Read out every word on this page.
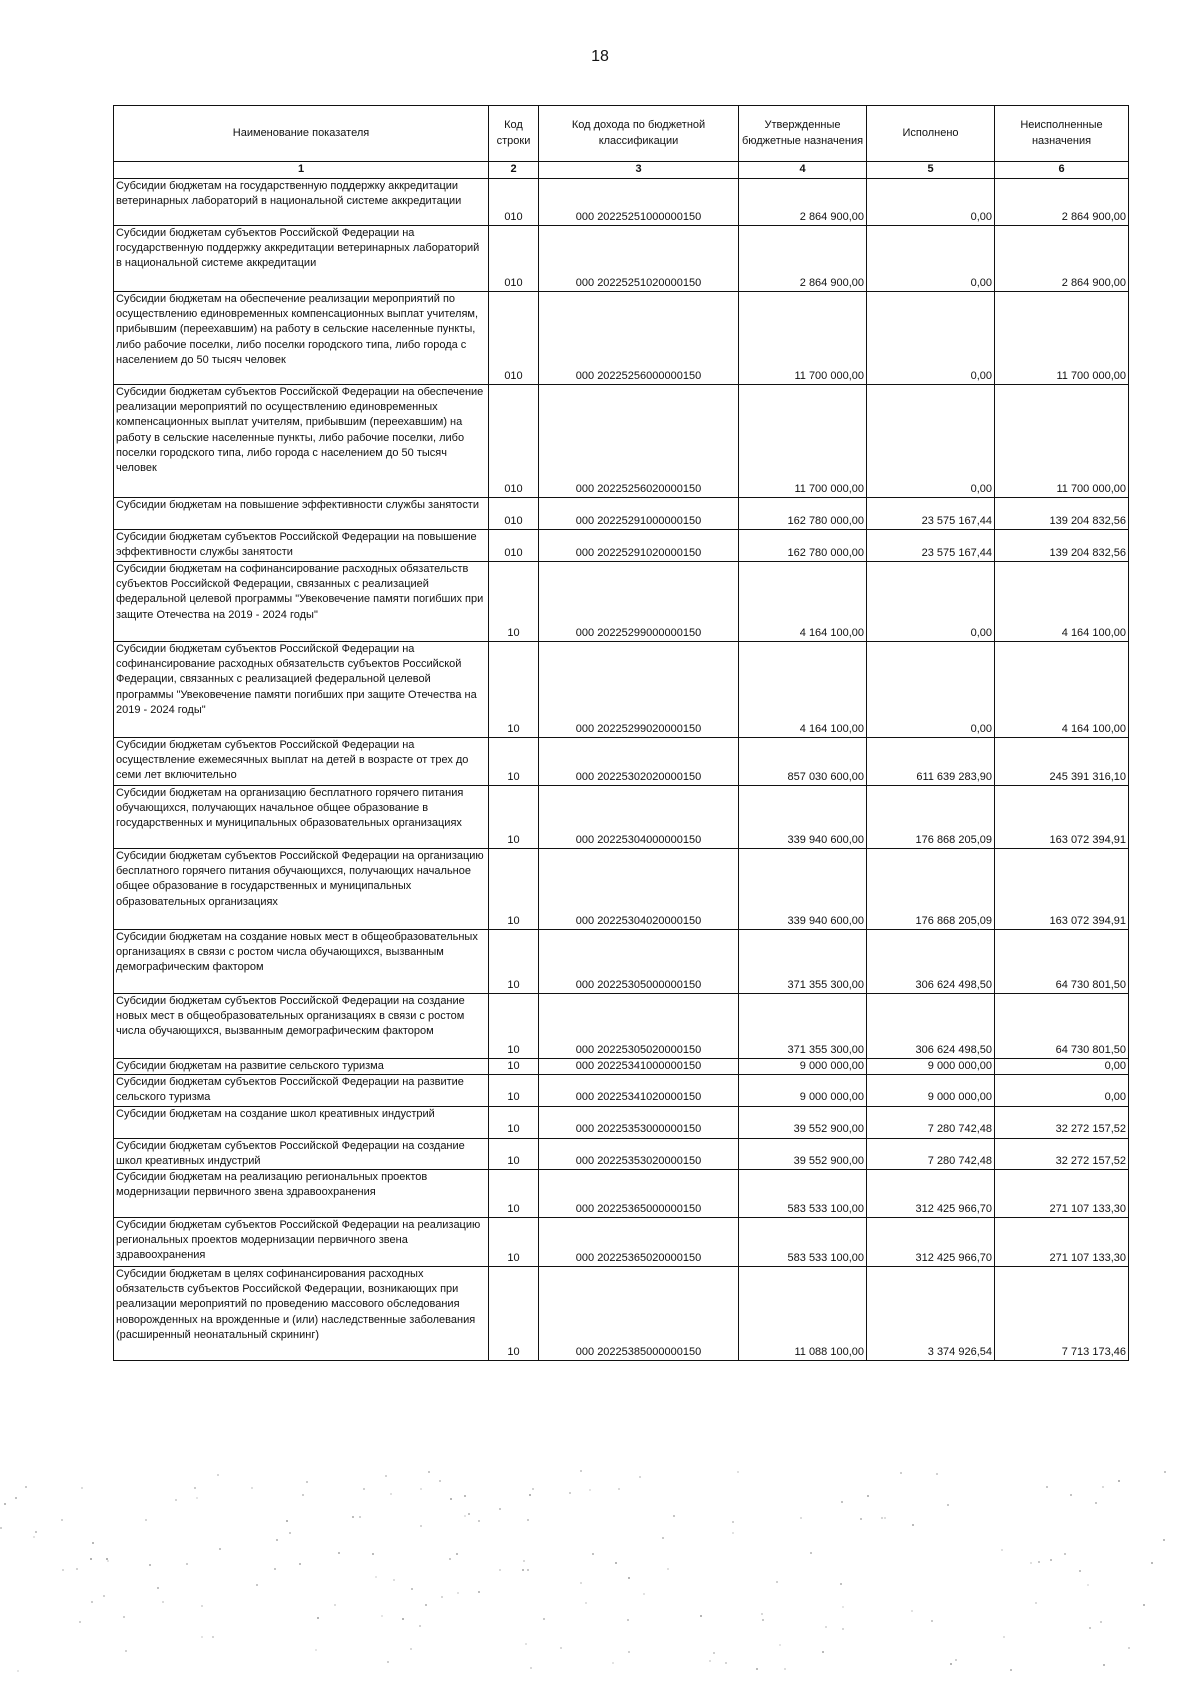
18
Наименование показателя	Код строки	Код дохода по бюджетной классификации	Утвержденные бюджетные назначения	Исполнено	Неисполненные назначения
1	2	3	4	5	6
Субсидии бюджетам на государственную поддержку аккредитации ветеринарных лабораторий в национальной системе аккредитации	010	000 20225251000000150	2 864 900,00	0,00	2 864 900,00
Субсидии бюджетам субъектов Российской Федерации на государственную поддержку аккредитации ветеринарных лабораторий в национальной системе аккредитации	010	000 20225251020000150	2 864 900,00	0,00	2 864 900,00
Субсидии бюджетам на обеспечение реализации мероприятий по осуществлению единовременных компенсационных выплат учителям, прибывшим (переехавшим) на работу в сельские населенные пункты, либо рабочие поселки, либо поселки городского типа, либо города с населением до 50 тысяч человек	010	000 20225256000000150	11 700 000,00	0,00	11 700 000,00
Субсидии бюджетам субъектов Российской Федерации на обеспечение реализации мероприятий по осуществлению единовременных компенсационных выплат учителям, прибывшим (переехавшим) на работу в сельские населенные пункты, либо рабочие поселки, либо поселки городского типа, либо города с населением до 50 тысяч человек	010	000 20225256020000150	11 700 000,00	0,00	11 700 000,00
Субсидии бюджетам на повышение эффективности службы занятости	010	000 20225291000000150	162 780 000,00	23 575 167,44	139 204 832,56
Субсидии бюджетам субъектов Российской Федерации на повышение эффективности службы занятости	010	000 20225291020000150	162 780 000,00	23 575 167,44	139 204 832,56
Субсидии бюджетам на софинансирование расходных обязательств субъектов Российской Федерации, связанных с реализацией федеральной целевой программы "Увековечение памяти погибших при защите Отечества на 2019 - 2024 годы"	10	000 20225299000000150	4 164 100,00	0,00	4 164 100,00
Субсидии бюджетам субъектов Российской Федерации на софинансирование расходных обязательств субъектов Российской Федерации, связанных с реализацией федеральной целевой программы "Увековечение памяти погибших при защите Отечества на 2019 - 2024 годы"	10	000 20225299020000150	4 164 100,00	0,00	4 164 100,00
Субсидии бюджетам субъектов Российской Федерации на осуществление ежемесячных выплат на детей в возрасте от трех до семи лет включительно	10	000 20225302020000150	857 030 600,00	611 639 283,90	245 391 316,10
Субсидии бюджетам на организацию бесплатного горячего питания обучающихся, получающих начальное общее образование в государственных и муниципальных образовательных организациях	10	000 20225304000000150	339 940 600,00	176 868 205,09	163 072 394,91
Субсидии бюджетам субъектов Российской Федерации на организацию бесплатного горячего питания обучающихся, получающих начальное общее образование в государственных и муниципальных образовательных организациях	10	000 20225304020000150	339 940 600,00	176 868 205,09	163 072 394,91
Субсидии бюджетам на создание новых мест в общеобразовательных организациях в связи с ростом числа обучающихся, вызванным демографическим фактором	10	000 20225305000000150	371 355 300,00	306 624 498,50	64 730 801,50
Субсидии бюджетам субъектов Российской Федерации на создание новых мест в общеобразовательных организациях в связи с ростом числа обучающихся, вызванным демографическим фактором	10	000 20225305020000150	371 355 300,00	306 624 498,50	64 730 801,50
Субсидии бюджетам на развитие сельского туризма	10	000 20225341000000150	9 000 000,00	9 000 000,00	0,00
Субсидии бюджетам субъектов Российской Федерации на развитие сельского туризма	10	000 20225341020000150	9 000 000,00	9 000 000,00	0,00
Субсидии бюджетам на создание школ креативных индустрий	10	000 20225353000000150	39 552 900,00	7 280 742,48	32 272 157,52
Субсидии бюджетам субъектов Российской Федерации на создание школ креативных индустрий	10	000 20225353020000150	39 552 900,00	7 280 742,48	32 272 157,52
Субсидии бюджетам на реализацию региональных проектов модернизации первичного звена здравоохранения	10	000 20225365000000150	583 533 100,00	312 425 966,70	271 107 133,30
Субсидии бюджетам субъектов Российской Федерации на реализацию региональных проектов модернизации первичного звена здравоохранения	10	000 20225365020000150	583 533 100,00	312 425 966,70	271 107 133,30
Субсидии бюджетам в целях софинансирования расходных обязательств субъектов Российской Федерации, возникающих при реализации мероприятий по проведению массового обследования новорожденных на врожденные и (или) наследственные заболевания (расширенный неонатальный скрининг)	10	000 20225385000000150	11 088 100,00	3 374 926,54	7 713 173,46
